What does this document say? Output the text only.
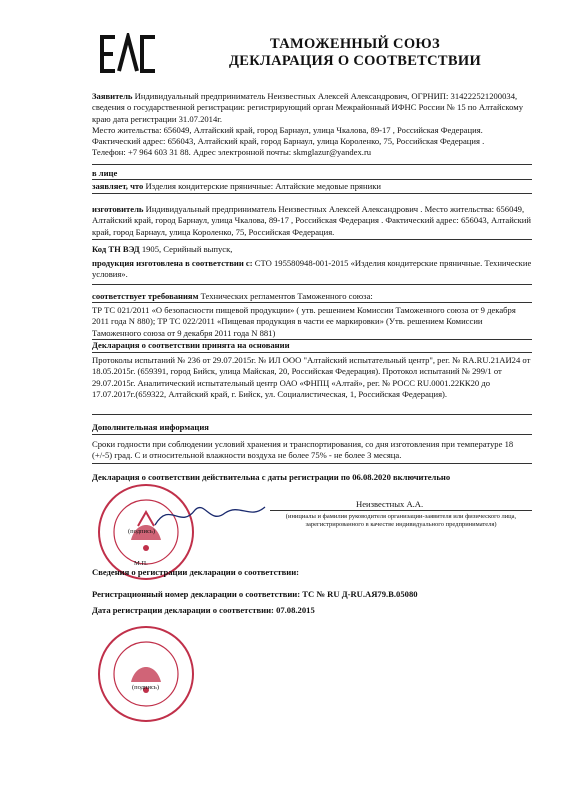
ТАМОЖЕННЫЙ СОЮЗ
ДЕКЛАРАЦИЯ О СООТВЕТСТВИИ
Заявитель Индивидуальный предприниматель Неизвестных Алексей Александрович, ОГРНИП: 314222521200034, сведения о государственной регистрации: регистрирующий орган Межрайонный ИФНС России № 15 по Алтайскому краю дата регистрации 31.07.2014г.
Место жительства: 656049, Алтайский край, город Барнаул, улица Чкалова, 89-17 , Российская Федерация.
Фактический адрес: 656043, Алтайский край, город Барнаул, улица Короленко, 75, Российская Федерация .
Телефон: +7 964 603 31 88. Адрес электронной почты: skmglazur@yandex.ru
в лице
заявляет, что Изделия кондитерские пряничные: Алтайские медовые пряники
изготовитель Индивидуальный предприниматель Неизвестных Алексей Александрович . Место жительства: 656049, Алтайский край, город Барнаул, улица Чкалова, 89-17 , Российская Федерация . Фактический адрес: 656043, Алтайский край, город Барнаул, улица Короленко, 75, Российская Федерация.
Код ТН ВЭД 1905, Серийный выпуск,
продукция изготовлена в соответствии с: СТО 195580948-001-2015 «Изделия кондитерские пряничные. Технические условия».
соответствует требованиям Технических регламентов Таможенного союза:
ТР ТС 021/2011 «О безопасности пищевой продукции» ( утв. решением Комиссии Таможенного союза от 9 декабря 2011 года N 880); ТР ТС 022/2011 «Пищевая продукция в части ее маркировки» (Утв. решением Комиссии Таможенного союза от 9 декабря 2011 года N 881)
Декларация о соответствии принята на основании
Протоколы испытаний № 236 от 29.07.2015г. № ИЛ ООО "Алтайский испытательный центр", рег. № RA.RU.21АИ24 от 18.05.2015г. (659391, город Бийск, улица Майская, 20, Российская Федерация). Протокол испытаний № 299/1 от 29.07.2015г. Аналитический испытательный центр ОАО «ФНПЦ «Алтай», рег. № РОСС RU.0001.22КК20 до 17.07.2017г.(659322, Алтайский край, г. Бийск, ул. Социалистическая, 1, Российская Федерация).
Дополнительная информация
Сроки годности при соблюдении условий хранения и транспортирования, со дня изготовления при температуре 18 (+/-5) град. С и относительной влажности воздуха не более 75% - не более 3 месяца.
Декларация о соответствии действительна с даты регистрации по 06.08.2020 включительно
(подпись)
М.П.
Неизвестных А.А.
(инициалы и фамилия руководителя организации-заявителя или физического лица, зарегистрированного в качестве индивидуального предпринимателя)
Сведения о регистрации декларации о соответствии:
(подпись)
Регистрационный номер декларации о соответствии: ТС № RU Д-RU.АЯ79.В.05080
Дата регистрации декларации о соответствии: 07.08.2015
